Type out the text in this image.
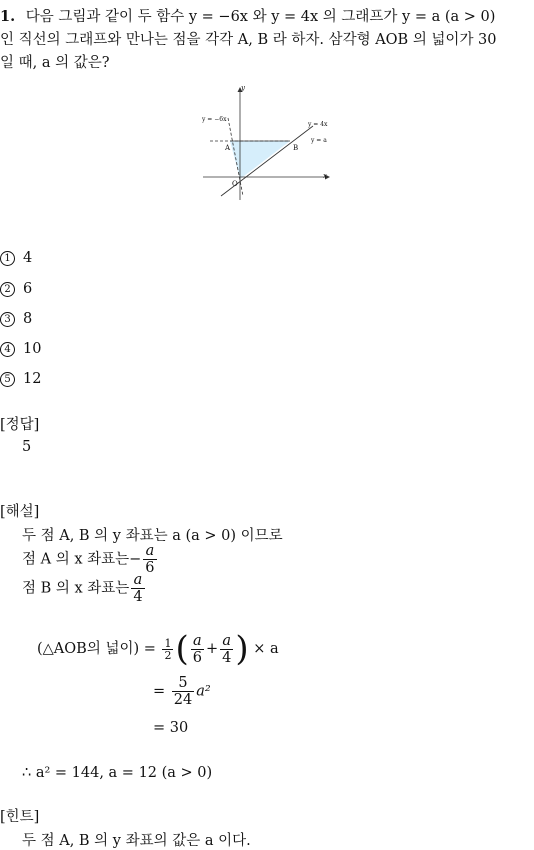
1. 다음 그림과 같이 두 함수 y = −6x 와 y = 4x 의 그래프가 y = a (a > 0)
인 직선의 그래프와 만나는 점을 각각 A, B 라 하자. 삼각형 AOB 의 넓이가 30
일 때, a 의 값은?
y
x
y = −6x
y = 4x
y = a
A	B
O
1 4
2 6
3 8
4 10
5 12
[정답]
5
[해설]
두 점 A, B 의 y 좌표는 a (a > 0) 이므로
점 A 의 x 좌표는− $\frac{a}{6}$
점 B 의 x 좌표는 $\frac{a}{4}$
(△AOB의 넓이) = $\frac{1}{2}$ ( $\frac{a}{6} + \frac{a}{4}$ ) × a
= $\frac{5}{24} a^2$
= 30
∴ a² = 144, a = 12 (a > 0)
[힌트]
두 점 A, B 의 y 좌표의 값은 a 이다.
